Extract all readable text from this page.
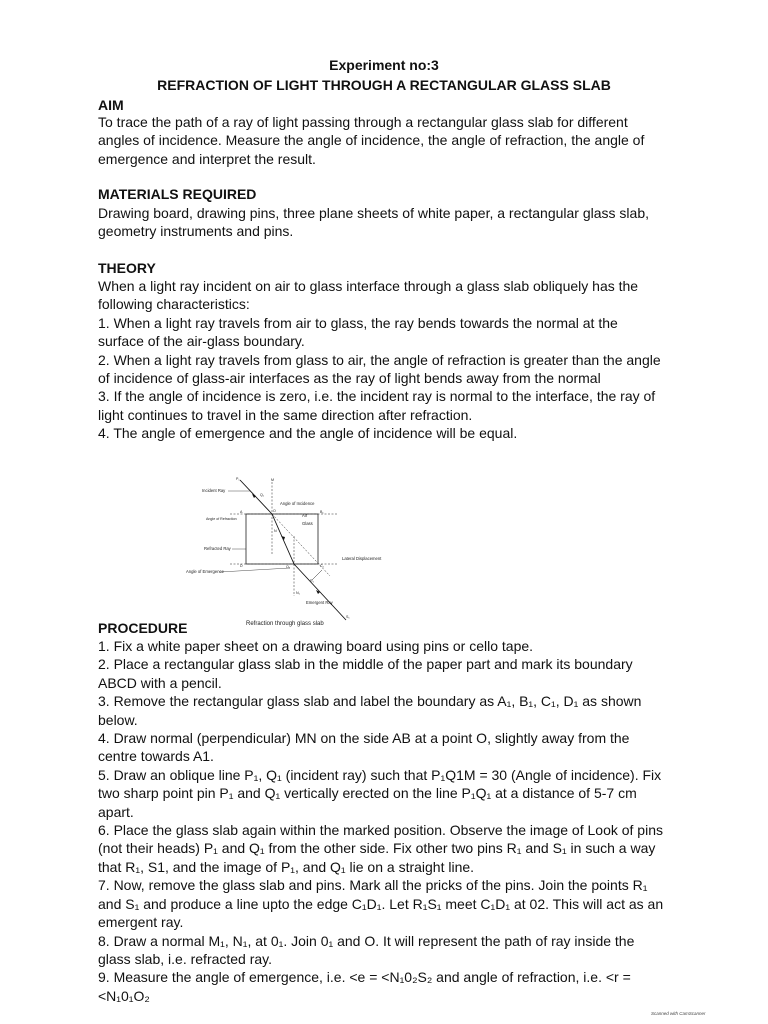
Experiment no:3

REFRACTION OF LIGHT THROUGH A RECTANGULAR GLASS SLAB

AIM

To trace the path of a ray of light passing through a rectangular glass slab for different angles of incidence. Measure the angle of incidence, the angle of refraction, the angle of emergence and interpret the result.

MATERIALS REQUIRED

Drawing board, drawing pins, three plane sheets of white paper, a rectangular glass slab, geometry instruments and pins.

THEORY

When a light ray incident on air to glass interface through a glass slab obliquely has the following characteristics:

1. When a light ray travels from air to glass, the ray bends towards the normal at the surface of the air-glass boundary.

2. When a light ray travels from glass to air, the angle of refraction is greater than the angle of incidence of glass-air interfaces as the ray of light bends away from the normal

3. If the angle of incidence is zero, i.e. the incident ray is normal to the interface, the ray of light continues to travel in the same direction after refraction.

4. The angle of emergence and the angle of incidence will be equal.

Incident Ray
Angle of Incidence
Air
Glass
Angle of Refraction
Refracted Ray
Lateral Displacement
Angle of Emergence
Emergent Ray
P₁
Q₁
M
A	B₁
O
N
D	C₁
O₂
R₁
S₁
N₁

PROCEDURE	Refraction through glass slab

1. Fix a white paper sheet on a drawing board using pins or cello tape.

2. Place a rectangular glass slab in the middle of the paper part and mark its boundary ABCD with a pencil.

3. Remove the rectangular glass slab and label the boundary as A₁, B₁, C₁, D₁ as shown below.

4. Draw normal (perpendicular) MN on the side AB at a point O, slightly away from the centre towards A1.

5. Draw an oblique line P₁, Q₁ (incident ray) such that P₁Q1M = 30 (Angle of incidence). Fix two sharp point pin P₁ and Q₁ vertically erected on the line P₁Q₁ at a distance of 5-7 cm apart.

6. Place the glass slab again within the marked position. Observe the image of Look of pins (not their heads) P₁ and Q₁ from the other side. Fix other two pins R₁ and S₁ in such a way that R₁, S1, and the image of P₁, and Q₁ lie on a straight line.

7. Now, remove the glass slab and pins. Mark all the pricks of the pins. Join the points R₁ and S₁ and produce a line upto the edge C₁D₁. Let R₁S₁ meet C₁D₁ at 02. This will act as an emergent ray.

8. Draw a normal M₁, N₁, at 0₁. Join 0₁ and O. It will represent the path of ray inside the glass slab, i.e. refracted ray.

9. Measure the angle of emergence, i.e. <e = <N₁0₂S₂ and angle of refraction, i.e. <r =<N₁0₁O₂

Scanned with CamScanner
